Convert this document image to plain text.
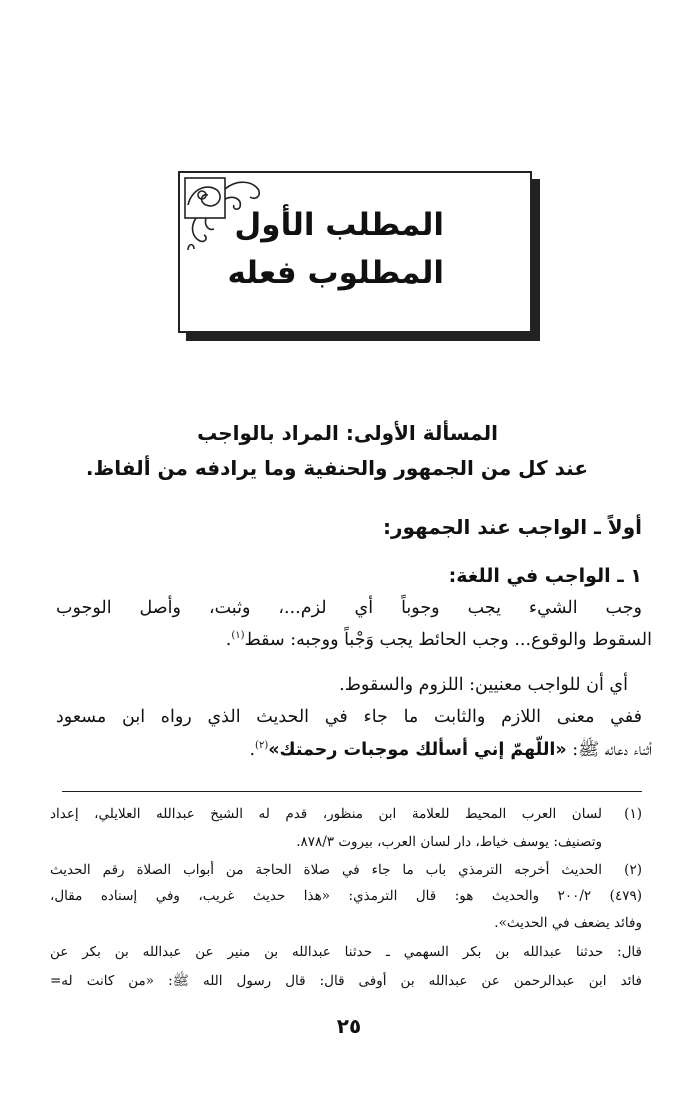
المطلب الأول
المطلوب فعله
المسألة الأولى: المراد بالواجب
عند كل من الجمهور والحنفية وما يرادفه من ألفاظ.
أولاً ـ الواجب عند الجمهور:
١ ـ الواجب في اللغة:
وجب الشيء يجب وجوباً أي لزم...، وثبت، وأصل الوجوب
السقوط والوقوع... وجب الحائط يجب وَجْباً ووجبه: سقط$^{(١)}$.
أي أن للواجب معنيين: اللزوم والسقوط.
ففي معنى اللازم والثابت ما جاء في الحديث الذي رواه ابن مسعود
أثناء دعائه ﷺ: «اللّهمّ إني أسألك موجبات رحمتك»$^{(٢)}$.
(١)
لسان العرب المحيط للعلامة ابن منظور، قدم له الشيخ عبدالله العلايلي، إعداد
وتصنيف: يوسف خياط، دار لسان العرب، بيروت ٨٧٨/٣.
(٢)
الحديث أخرجه الترمذي باب ما جاء في صلاة الحاجة من أبواب الصلاة رقم الحديث
(٤٧٩) ٢٠٠/٢ والحديث هو: قال الترمذي: «هذا حديث غريب، وفي إسناده مقال،
وفائد يضعف في الحديث».
قال: حدثنا عبدالله بن بكر السهمي ـ حدثنا عبدالله بن منير عن عبدالله بن بكر عن
فائد ابن عبدالرحمن عن عبدالله بن أوفى قال: قال رسول الله ﷺ: «من كانت له=
٢٥
